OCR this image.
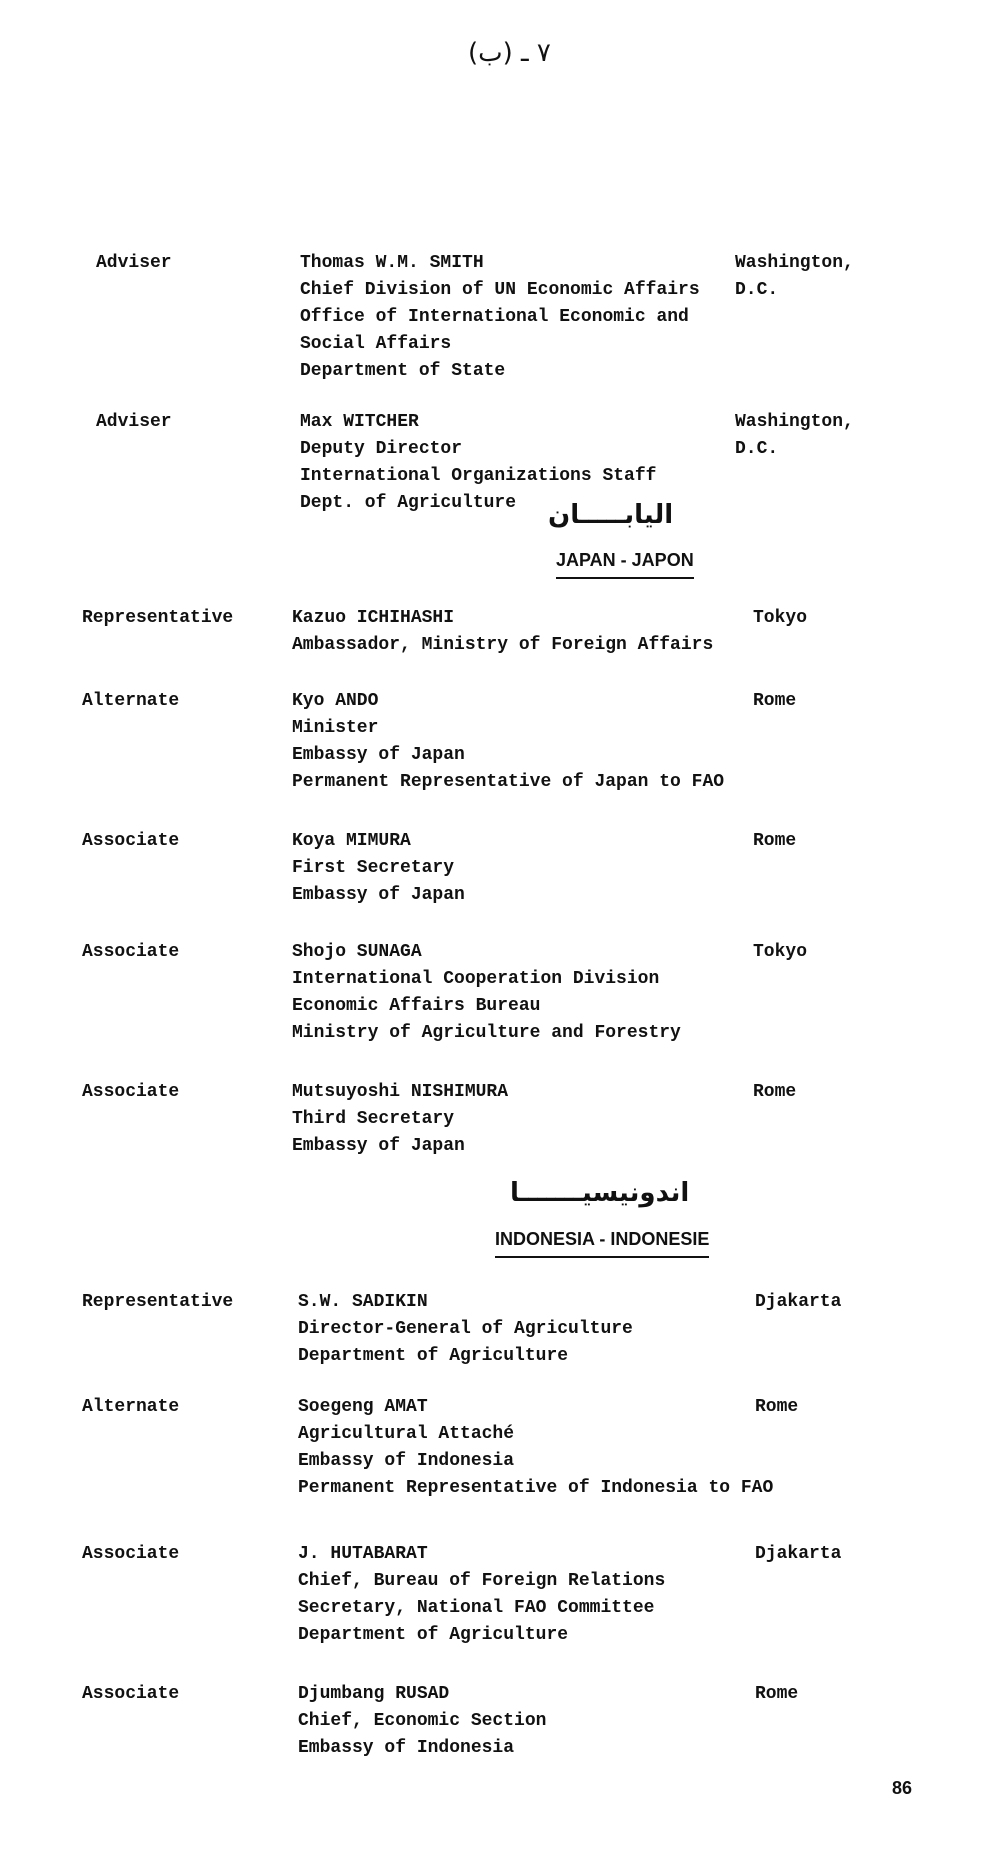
٧ ـ (ب)
Adviser	Thomas W.M. SMITH
Chief Division of UN Economic Affairs
Office of International Economic and
Social Affairs
Department of State
Washington,
D.C.
Adviser	Max WITCHER
Deputy Director
International Organizations Staff
Dept. of Agriculture
Washington,
D.C.
Representative	Kazuo ICHIHASHI
Ambassador, Ministry of Foreign Affairs
Tokyo
Alternate	Kyo ANDO
Minister
Embassy of Japan
Permanent Representative of Japan to FAO
Rome
Associate	Koya MIMURA
First Secretary
Embassy of Japan
Rome
Associate	Shojo SUNAGA
International Cooperation Division
Economic Affairs Bureau
Ministry of Agriculture and Forestry
Tokyo
Associate	Mutsuyoshi NISHIMURA
Third Secretary
Embassy of Japan
Rome
Representative	S.W. SADIKIN
Director-General of Agriculture
Department of Agriculture
Djakarta
Alternate	Soegeng AMAT
Agricultural Attaché
Embassy of Indonesia
Permanent Representative of Indonesia to FAO
Rome
Associate	J. HUTABARAT
Chief, Bureau of Foreign Relations
Secretary, National FAO Committee
Department of Agriculture
Djakarta
Associate	Djumbang RUSAD
Chief, Economic Section
Embassy of Indonesia
Rome
اليابـــــان
JAPAN - JAPON
اندونيسيـــــــا
INDONESIA - INDONESIE
86
